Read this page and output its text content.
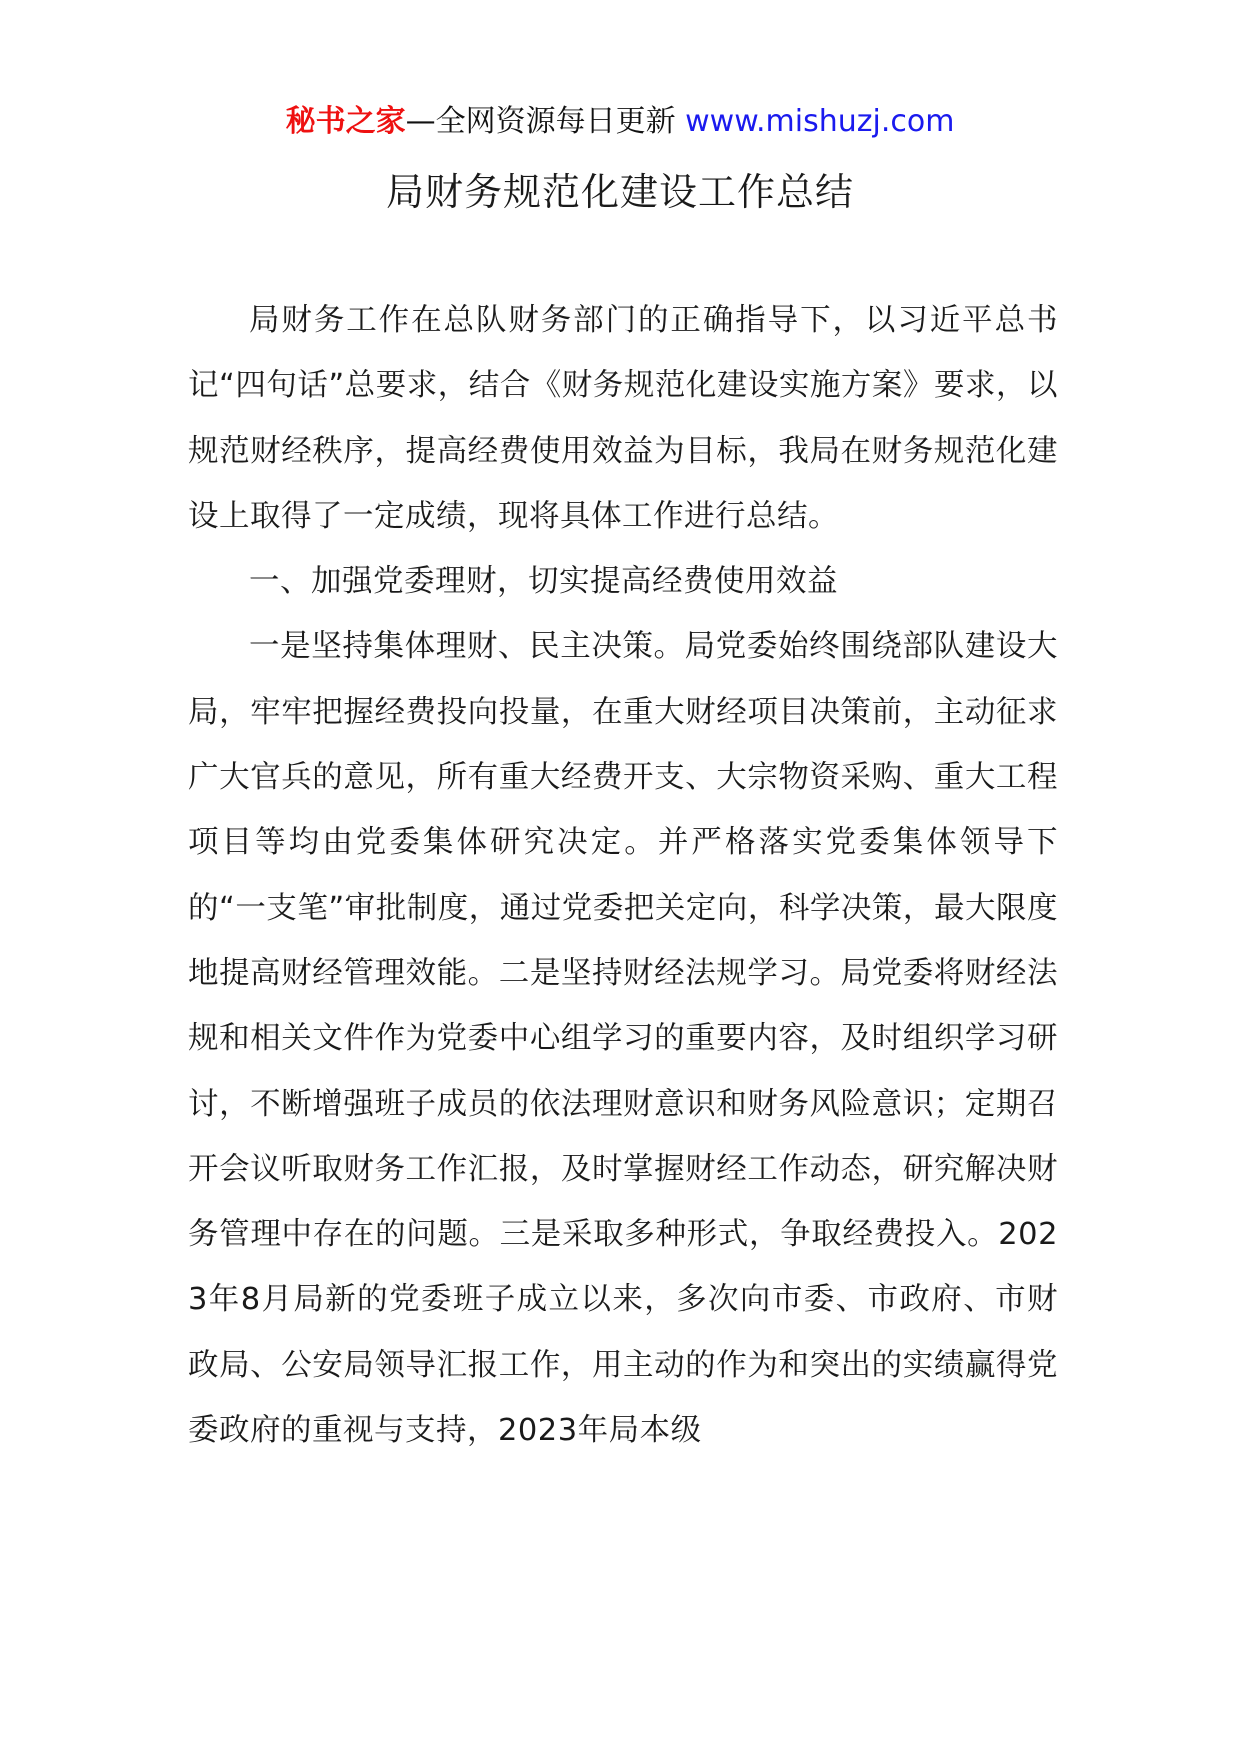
秘书之家—全网资源每日更新 www.mishuzj.com
局财务规范化建设工作总结

局财务工作在总队财务部门的正确指导下，以习近平总书记“四句话”总要求，结合《财务规范化建设实施方案》要求，以规范财经秩序，提高经费使用效益为目标，我局在财务规范化建设上取得了一定成绩，现将具体工作进行总结。

一、加强党委理财，切实提高经费使用效益

一是坚持集体理财、民主决策。局党委始终围绕部队建设大局，牢牢把握经费投向投量，在重大财经项目决策前，主动征求广大官兵的意见，所有重大经费开支、大宗物资采购、重大工程项目等均由党委集体研究决定。并严格落实党委集体领导下的“一支笔”审批制度，通过党委把关定向，科学决策，最大限度地提高财经管理效能。二是坚持财经法规学习。局党委将财经法规和相关文件作为党委中心组学习的重要内容，及时组织学习研讨，不断增强班子成员的依法理财意识和财务风险意识；定期召开会议听取财务工作汇报，及时掌握财经工作动态，研究解决财务管理中存在的问题。三是采取多种形式，争取经费投入。2023年8月局新的党委班子成立以来，多次向市委、市政府、市财政局、公安局领导汇报工作，用主动的作为和突出的实绩赢得党委政府的重视与支持，2023年局本级
